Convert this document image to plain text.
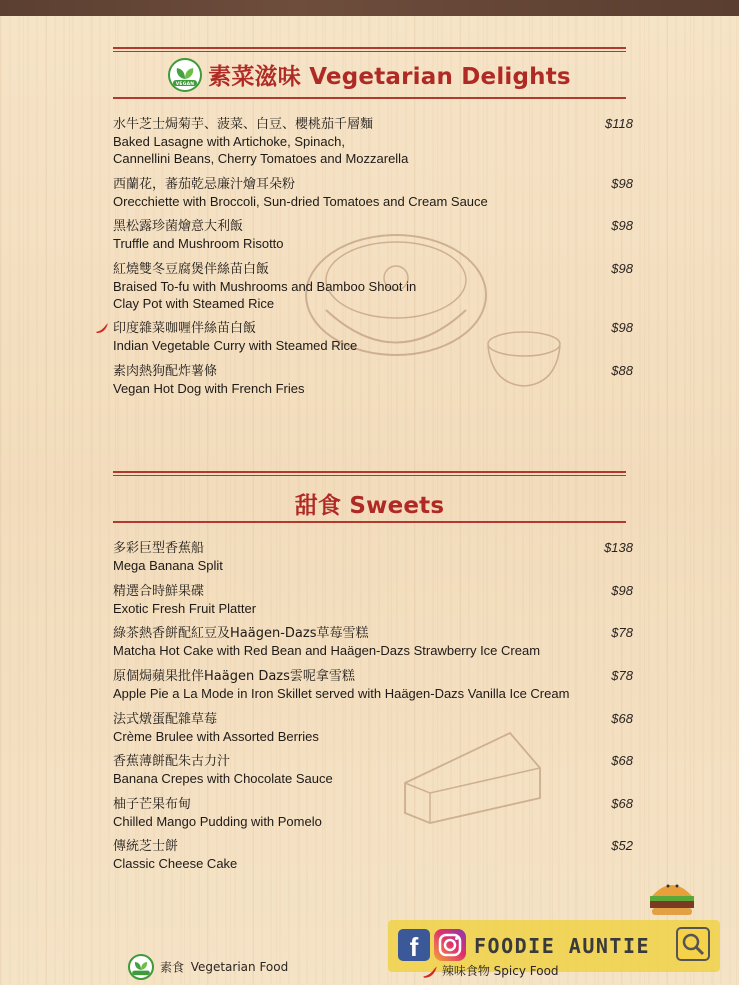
VEGAN 素菜滋味 Vegetarian Delights
水牛芝士焗菊芋、菠菜、白豆、櫻桃茄千層麵
Baked Lasagne with Artichoke, Spinach,
Cannellini Beans, Cherry Tomatoes and Mozzarella
$118
西蘭花，蕃茄乾忌廉汁燴耳朵粉
Orecchiette with Broccoli, Sun-dried Tomatoes and Cream Sauce
$98
黑松露珍菌燴意大利飯
Truffle and Mushroom Risotto
$98
紅燒雙冬豆腐煲伴絲苗白飯
Braised To-fu with Mushrooms and Bamboo Shoot in
Clay Pot with Steamed Rice
$98
印度雜菜咖喱伴絲苗白飯
Indian Vegetable Curry with Steamed Rice
$98
素肉熱狗配炸薯條
Vegan Hot Dog with French Fries
$88
甜食 Sweets
多彩巨型香蕉船
Mega Banana Split
$138
精選合時鮮果碟
Exotic Fresh Fruit Platter
$98
綠茶熱香餅配紅豆及Haägen-Dazs草莓雪糕
Matcha Hot Cake with Red Bean and Haägen-Dazs Strawberry Ice Cream
$78
原個焗蘋果批伴Haägen Dazs雲呢拿雪糕
Apple Pie a La Mode in Iron Skillet served with Haägen-Dazs Vanilla Ice Cream
$78
法式燉蛋配雜草莓
Crème Brulee with Assorted Berries
$68
香蕉薄餅配朱古力汁
Banana Crepes with Chocolate Sauce
$68
柚子芒果布甸
Chilled Mango Pudding with Pomelo
$68
傳統芝士餅
Classic Cheese Cake
$52
f	FOODIE AUNTIE
素食 Vegetarian Food	辣味食物 Spicy Food
